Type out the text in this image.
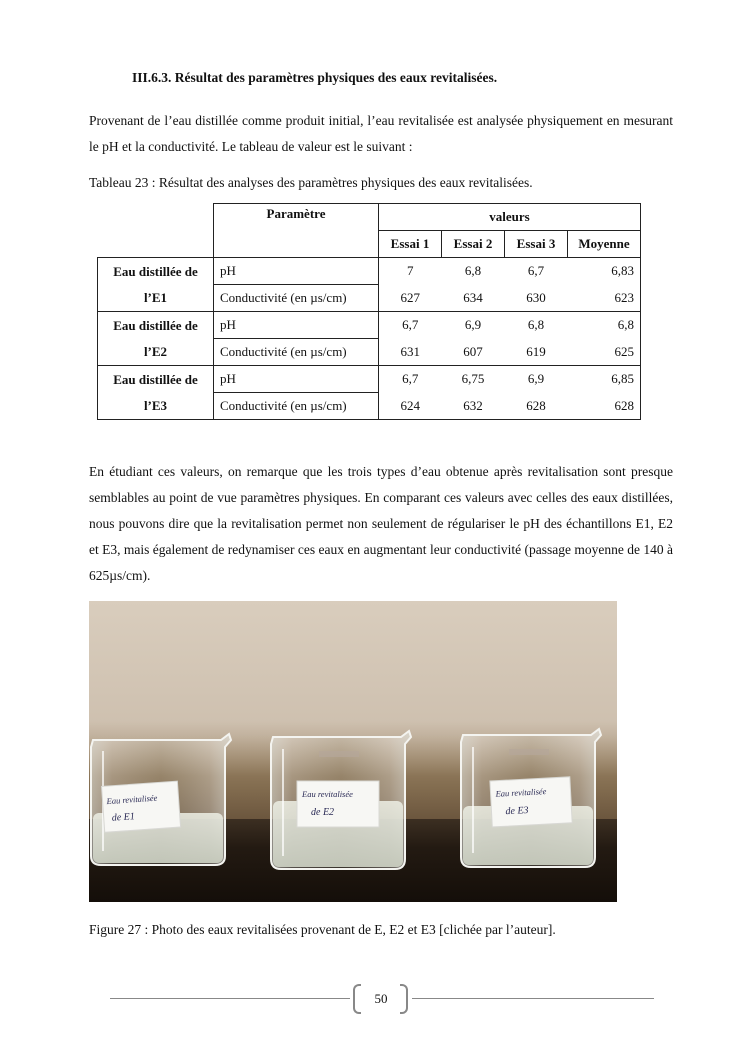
III.6.3. Résultat des paramètres physiques des eaux revitalisées.
Provenant de l’eau distillée comme produit initial, l’eau revitalisée est analysée physiquement en mesurant le pH et la conductivité. Le tableau de valeur est le suivant :
Tableau 23 : Résultat des analyses des paramètres physiques des eaux revitalisées.
	Paramètre	valeurs			
		Essai 1	Essai 2	Essai 3	Moyenne

Eau distillée de
l’E1	pH	7	6,8	6,7	6,83
	Conductivité (en µs/cm)	627	634	630	623

Eau distillée de
l’E2	pH	6,7	6,9	6,8	6,8
	Conductivité (en µs/cm)	631	607	619	625

Eau distillée de
l’E3	pH	6,7	6,75	6,9	6,85
	Conductivité (en µs/cm)	624	632	628	628
En étudiant ces valeurs, on remarque que les trois types d’eau obtenue après revitalisation sont presque semblables au point de vue paramètres physiques. En comparant ces valeurs avec celles des eaux distillées, nous pouvons dire que la revitalisation permet non seulement de régulariser le pH des échantillons E1, E2 et E3, mais également de redynamiser ces eaux en augmentant leur conductivité (passage moyenne de 140 à 625µs/cm).
Eau revitalisée
de E1
Eau revitalisée
de E2
Eau revitalisée
de E3
Figure 27 : Photo des eaux revitalisées provenant de E, E2 et E3 [clichée par l’auteur].
50
